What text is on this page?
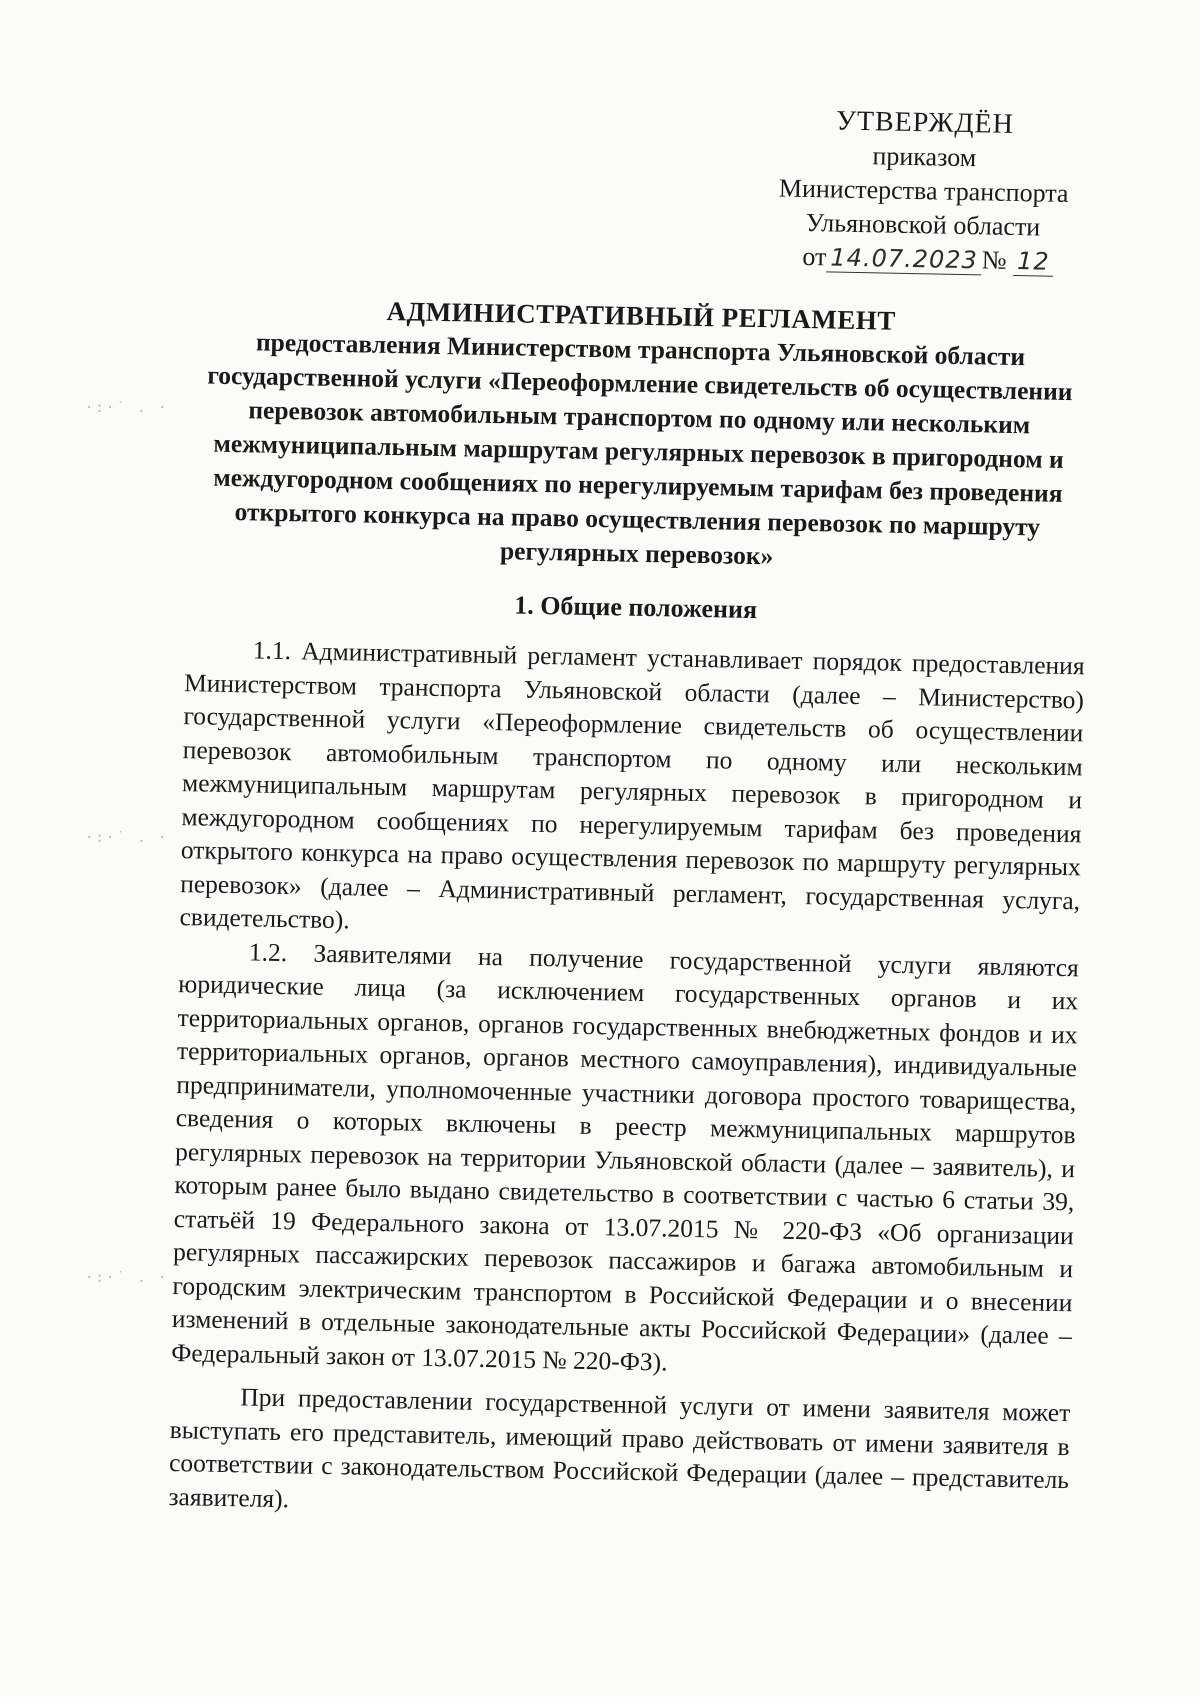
УТВЕРЖДЁН
приказом
Министерства транспорта
Ульяновской области
от 14.07.2023 № 12
АДМИНИСТРАТИВНЫЙ РЕГЛАМЕНТ
предоставления Министерством транспорта Ульяновской области
государственной услуги «Переоформление свидетельств об осуществлении
перевозок автомобильным транспортом по одному или нескольким
межмуниципальным маршрутам регулярных перевозок в пригородном и
междугородном сообщениях по нерегулируемым тарифам без проведения
открытого конкурса на право осуществления перевозок по маршруту
регулярных перевозок»
1. Общие положения

1.1. Административный регламент устанавливает порядок предоставления Министерством транспорта Ульяновской области (далее – Министерство) государственной услуги «Переоформление свидетельств об осуществлении перевозок автомобильным транспортом по одному или нескольким межмуниципальным маршрутам регулярных перевозок в пригородном и междугородном сообщениях по нерегулируемым тарифам без проведения открытого конкурса на право осуществления перевозок по маршруту регулярных перевозок» (далее – Административный регламент, государственная услуга, свидетельство).

1.2. Заявителями на получение государственной услуги являются юридические лица (за исключением государственных органов и их территориальных органов, органов государственных внебюджетных фондов и их территориальных органов, органов местного самоуправления), индивидуальные предприниматели, уполномоченные участники договора простого товарищества, сведения о которых включены в реестр межмуниципальных маршрутов регулярных перевозок на территории Ульяновской области (далее – заявитель), и которым ранее было выдано свидетельство в соответствии с частью 6 статьи 39, статьёй 19 Федерального закона от 13.07.2015 № 220-ФЗ «Об организации регулярных пассажирских перевозок пассажиров и багажа автомобильным и городским электрическим транспортом в Российской Федерации и о внесении изменений в отдельные законодательные акты Российской Федерации» (далее – Федеральный закон от 13.07.2015 № 220-ФЗ).

При предоставлении государственной услуги от имени заявителя может выступать его представитель, имеющий право действовать от имени заявителя в соответствии с законодательством Российской Федерации (далее – представитель заявителя).

·:·˙ . ·
·:·˙ . ·
·:·˙ . ·
